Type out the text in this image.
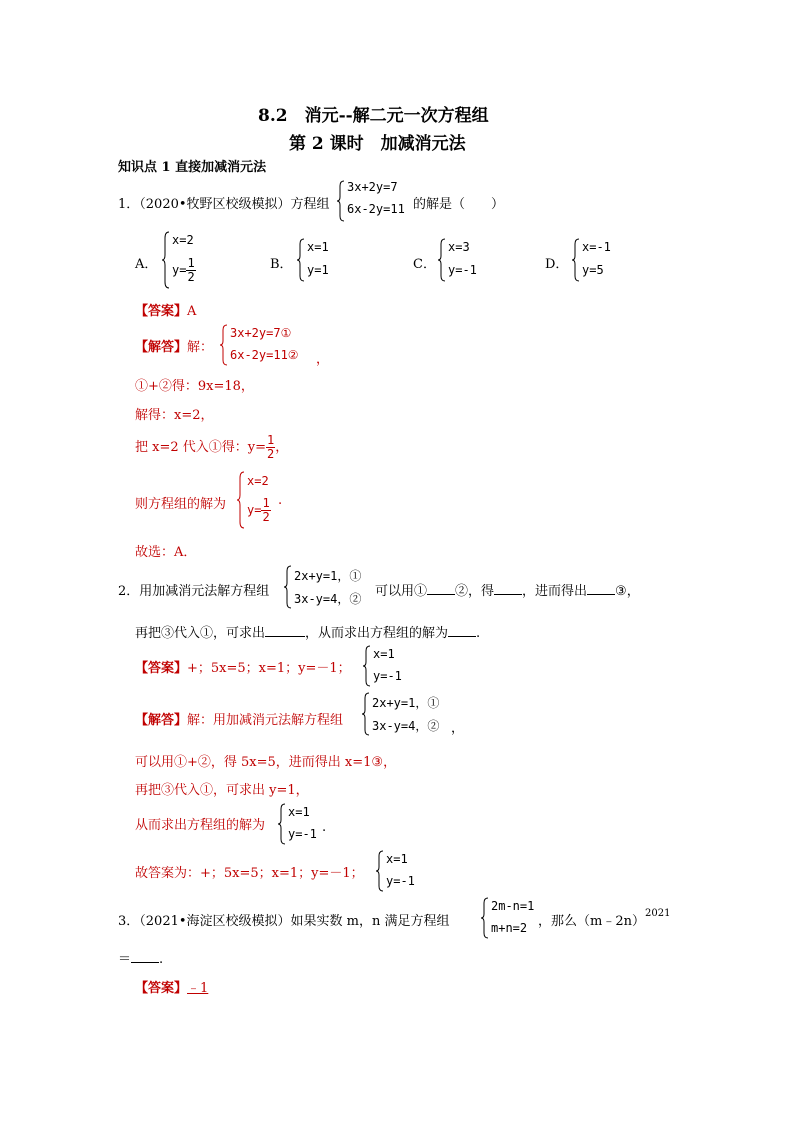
8.2　消元--解二元一次方程组
第 2 课时　加减消元法
知识点 1 直接加减消元法
1．（2020•牧野区校级模拟）方程组
3x+2y=7
6x-2y=11 的解是（　　）
A．
x=2
$y= \frac{1}{2}$	B．
x=1
y=1	C．
x=3
y=-1	D．
x=-1
y=5
【答案】A
【解答】解：
3x+2y=7①
6x-2y=11② ，
①+②得：9x=18，
解得：x=2，
把 x=2 代入①得：$y= \frac{1}{2}$ ，
则方程组的解为
x=2
$y= \frac{1}{2}$ .
故选：A．
2．用加减消元法解方程组
2x+y=1，①
3x-y=4，② 可以用① ②，得 ，进而得出 ③，
再把③代入①，可求出	，从而求出方程组的解为 .
【答案】+；5x=5；x=1；y=－1；
x=1
y=-1
【解答】解：用加减消元法解方程组
2x+y=1，①
3x-y=4，② ，
可以用①+②，得 5x=5，进而得出 x=1③，
再把③代入①，可求出 y=1，
从而求出方程组的解为
x=1
y=-1 .
故答案为：+；5x=5；x=1；y=－1；
x=1
y=-1
3．（2021•海淀区校级模拟）如果实数 m，n 满足方程组
2m-n=1
m+n=2 ，那么（m﹣2n）$^{2021}$
＝ .
【答案】﹣1
